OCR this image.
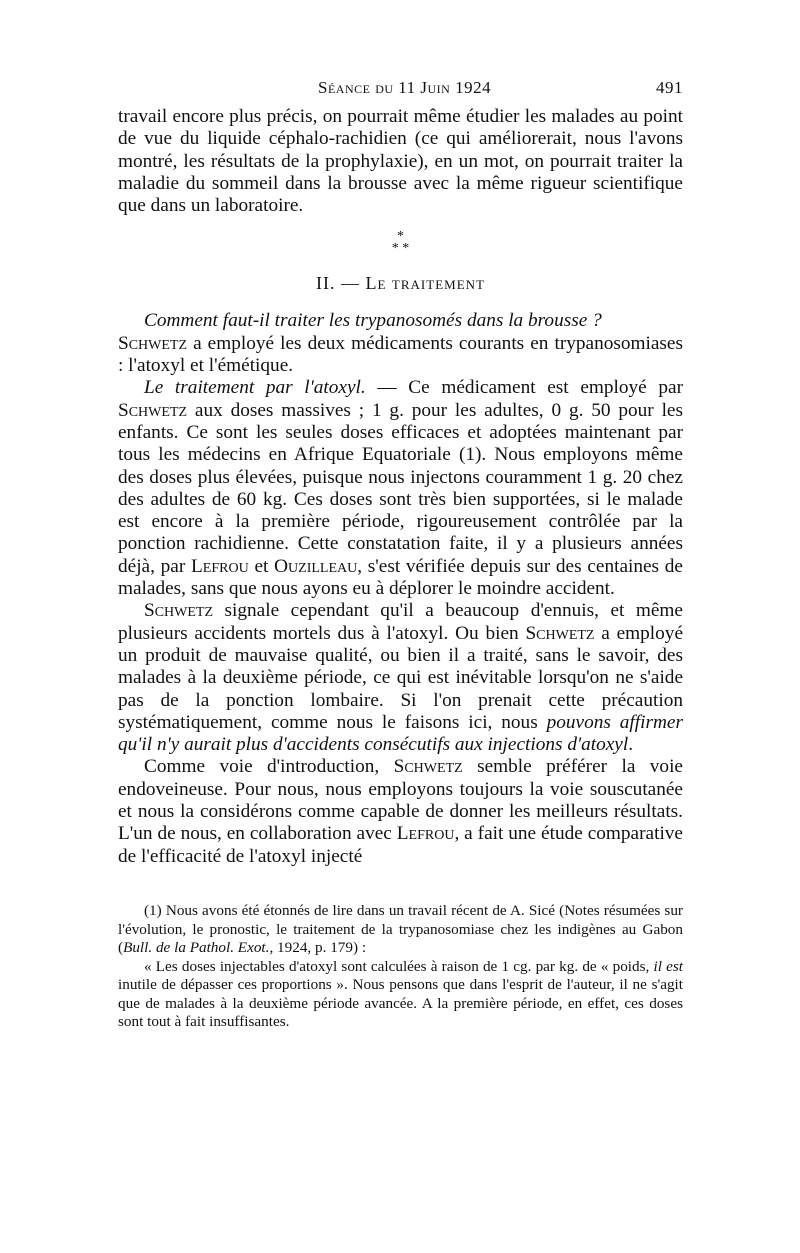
Séance du 11 Juin 1924	491

travail encore plus précis, on pourrait même étudier les malades au point de vue du liquide céphalo-rachidien (ce qui améliorerait, nous l'avons montré, les résultats de la prophylaxie), en un mot, on pourrait traiter la maladie du sommeil dans la brousse avec la même rigueur scientifique que dans un laboratoire.

*
* *
II. — Le traitement

Comment faut-il traiter les trypanosomés dans la brousse ?
Schwetz a employé les deux médicaments courants en trypanosomiases : l'atoxyl et l'émétique.

Le traitement par l'atoxyl. — Ce médicament est employé par Schwetz aux doses massives ; 1 g. pour les adultes, 0 g. 50 pour les enfants. Ce sont les seules doses efficaces et adoptées maintenant par tous les médecins en Afrique Equatoriale (1). Nous employons même des doses plus élevées, puisque nous injectons couramment 1 g. 20 chez des adultes de 60 kg. Ces doses sont très bien supportées, si le malade est encore à la première période, rigoureusement contrôlée par la ponction rachidienne. Cette constatation faite, il y a plusieurs années déjà, par Lefrou et Ouzilleau, s'est vérifiée depuis sur des centaines de malades, sans que nous ayons eu à déplorer le moindre accident.

Schwetz signale cependant qu'il a beaucoup d'ennuis, et même plusieurs accidents mortels dus à l'atoxyl. Ou bien Schwetz a employé un produit de mauvaise qualité, ou bien il a traité, sans le savoir, des malades à la deuxième période, ce qui est inévitable lorsqu'on ne s'aide pas de la ponction lombaire. Si l'on prenait cette précaution systématiquement, comme nous le faisons ici, nous pouvons affirmer qu'il n'y aurait plus d'accidents consécutifs aux injections d'atoxyl.

Comme voie d'introduction, Schwetz semble préférer la voie endoveineuse. Pour nous, nous employons toujours la voie souscutanée et nous la considérons comme capable de donner les meilleurs résultats. L'un de nous, en collaboration avec Lefrou, a fait une étude comparative de l'efficacité de l'atoxyl injecté

(1) Nous avons été étonnés de lire dans un travail récent de A. Sicé (Notes résumées sur l'évolution, le pronostic, le traitement de la trypanosomiase chez les indigènes au Gabon (Bull. de la Pathol. Exot., 1924, p. 179) :

« Les doses injectables d'atoxyl sont calculées à raison de 1 cg. par kg. de « poids, il est inutile de dépasser ces proportions ». Nous pensons que dans l'esprit de l'auteur, il ne s'agit que de malades à la deuxième période avancée. A la première période, en effet, ces doses sont tout à fait insuffisantes.
